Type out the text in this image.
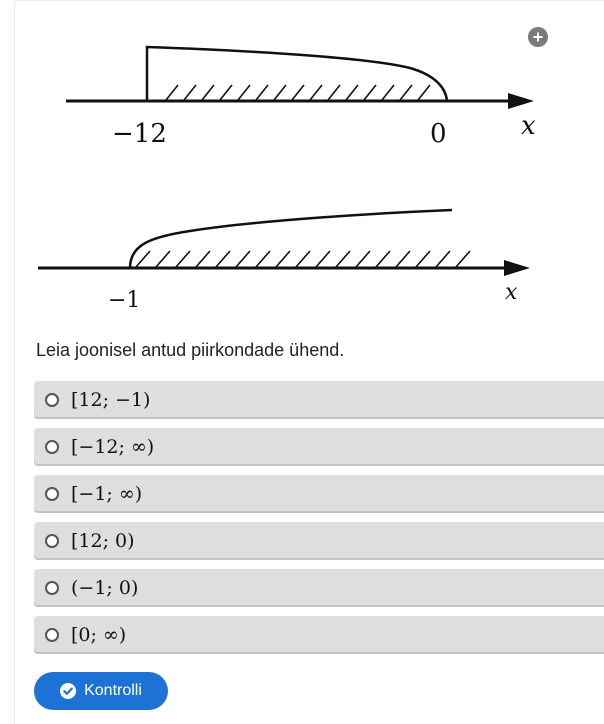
−12	0	x
−1	x
Leia joonisel antud piirkondade ühend.
[12; −1)
[−12; ∞)
[−1; ∞)
[12; 0)
(−1; 0)
[0; ∞)
Kontrolli
